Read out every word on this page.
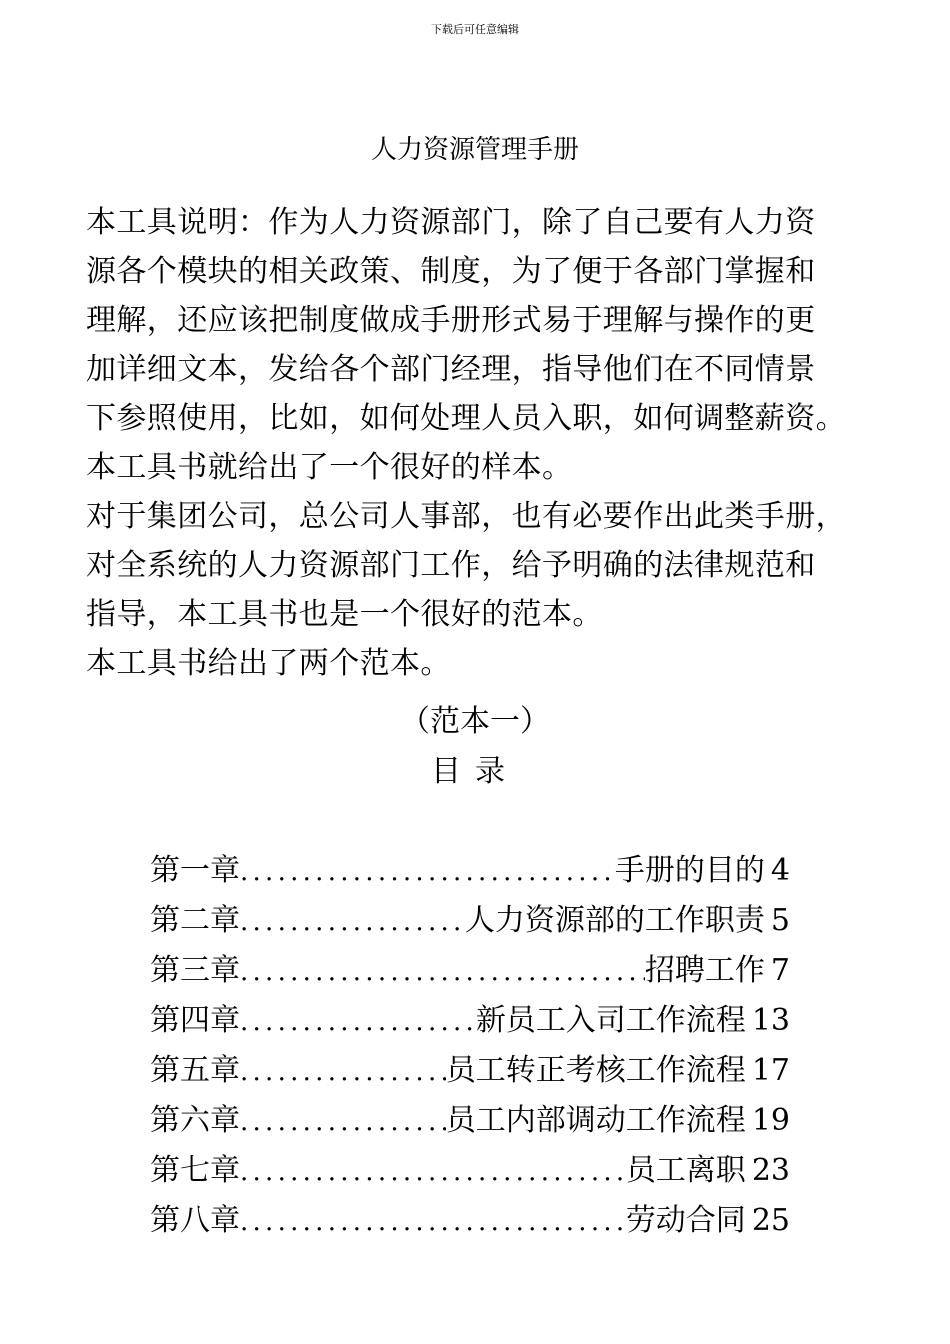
下载后可任意编辑
人力资源管理手册
本工具说明：作为人力资源部门，除了自己要有人力资
源各个模块的相关政策、制度，为了便于各部门掌握和
理解，还应该把制度做成手册形式易于理解与操作的更
加详细文本，发给各个部门经理，指导他们在不同情景
下参照使用，比如，如何处理人员入职，如何调整薪资。
本工具书就给出了一个很好的样本。
对于集团公司，总公司人事部，也有必要作出此类手册，
对全系统的人力资源部门工作，给予明确的法律规范和
指导，本工具书也是一个很好的范本。
本工具书给出了两个范本。
（范本一）
目录
第一章 . . .	手册的目的 4
第二章 . . .	人力资源部的工作职责 5
第三章 . . .	招聘工作 7
第四章 . . .	新员工入司工作流程 13
第五章 . . .	员工转正考核工作流程 17
第六章 . . .	员工内部调动工作流程 19
第七章 . . .	员工离职 23
第八章 . . .	劳动合同 25
